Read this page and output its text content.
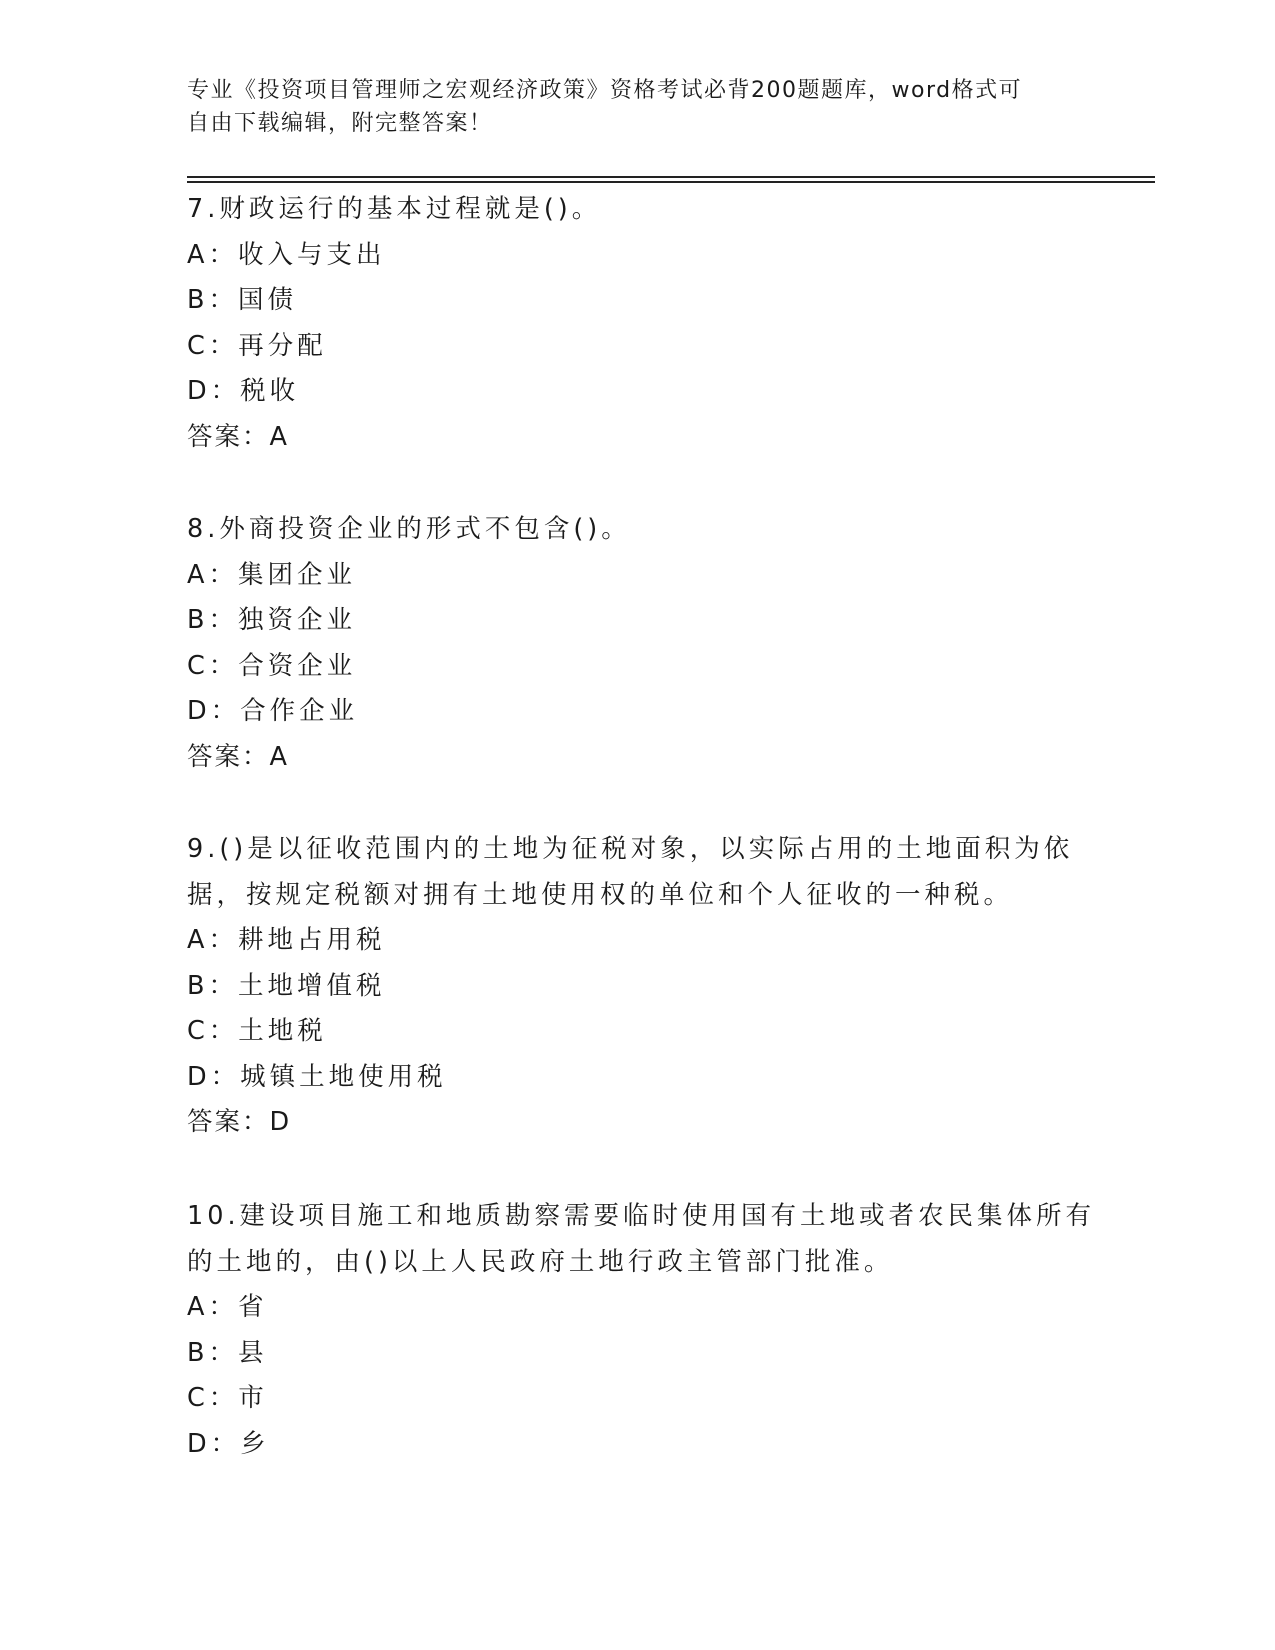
专业《投资项目管理师之宏观经济政策》资格考试必背200题题库，word格式可
自由下载编辑，附完整答案！
7.财政运行的基本过程就是()。
A：收入与支出
B：国债
C：再分配
D：税收
答案：A
8.外商投资企业的形式不包含()。
A：集团企业
B：独资企业
C：合资企业
D：合作企业
答案：A
9.()是以征收范围内的土地为征税对象，以实际占用的土地面积为依
据，按规定税额对拥有土地使用权的单位和个人征收的一种税。
A：耕地占用税
B：土地增值税
C：土地税
D：城镇土地使用税
答案：D
10.建设项目施工和地质勘察需要临时使用国有土地或者农民集体所有
的土地的，由()以上人民政府土地行政主管部门批准。
A：省
B：县
C：市
D：乡
